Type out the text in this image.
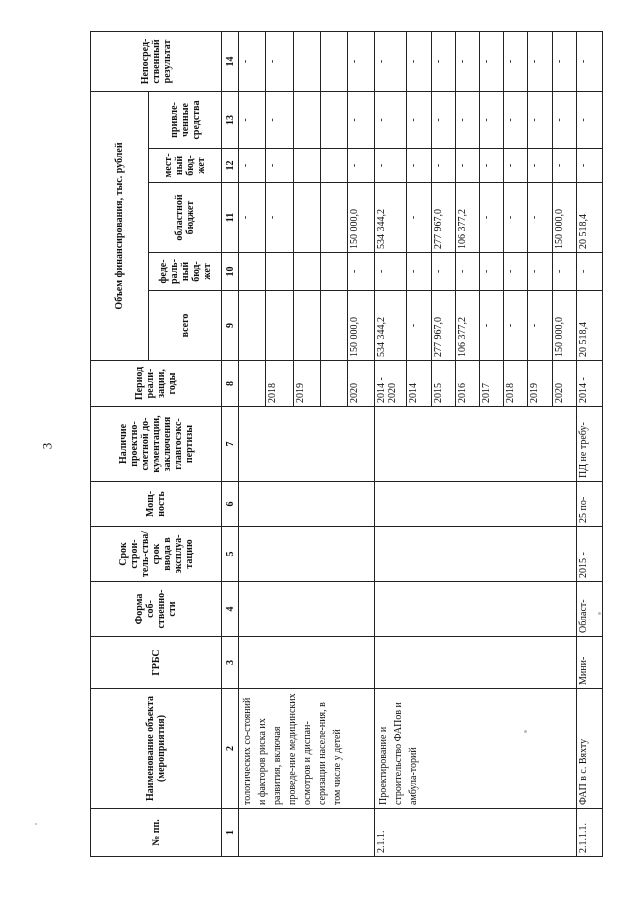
3
№ пп.	Наименование объекта (мероприятия)	ГРБС	Форма соб-ственно-сти	Срок строи-тель-ства/срок ввода в эксплуа-тацию	Мощ-ность	Наличие проектно-сметной до-кументации, заключения главгосэкс-пертизы	Период реали-зации, годы	Объем финансирования, тыс. рублей					Непосред-ственный результат
								всего	феде-раль-ный бюд-жет	областной бюджет	мест-ный бюд-жет	привле-ченные средства	
1	2	3	4	5	6	7	8	9	10	11	12	13	14
	тологических со-стояний и факторов риска их развития, включая проведе-ние медицинских осмотров и диспан-серизации населе-ния, в том числе у детей									-	-	-	-
							2018			-	-	-	-
							2019						

							2020	150 000,0	-	150 000,0	-	-	-
2.1.1.	Проектирование и строительство ФАПов и амбула-торий						2014 - 2020	534 344,2	-	534 344,2	-	-	-
							2014	-	-	-	-	-	-
							2015	277 967,0	-	277 967,0	-	-	-
							2016	106 377,2	-	106 377,2	-	-	-
							2017	-	-	-	-	-	-
							2018	-	-	-	-	-	-
							2019	-	-	-	-	-	-
							2020	150 000,0	-	150 000,0	-	-	-
2.1.1.1.	ФАП в с. Вяхту	Мини-	Област-	2015 -	25 по-	ПД не требу-	2014 -	20 518,4	-	20 518,4	-	-	-
